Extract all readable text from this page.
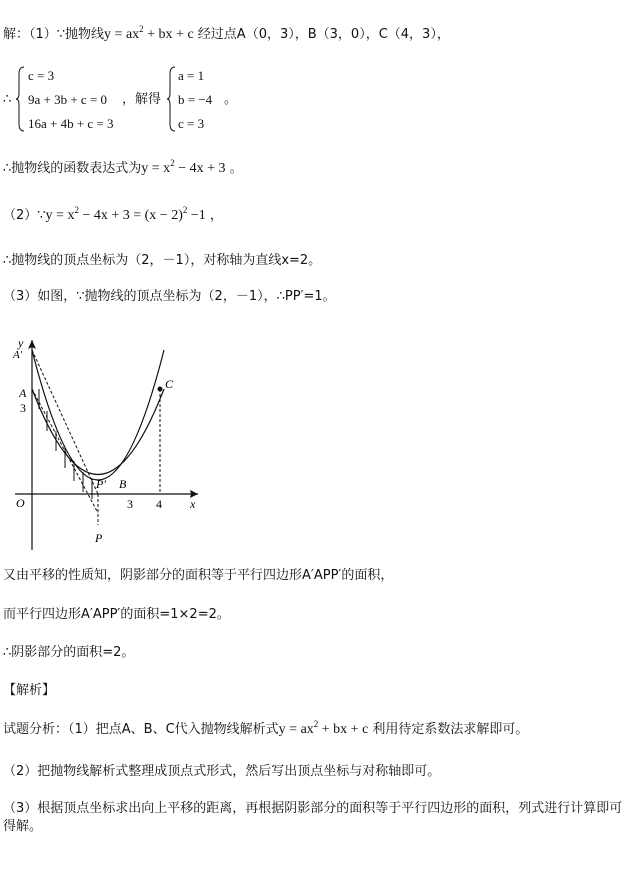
解：（1）∵抛物线$y = ax^2$ + bx + c 经过点A（0，3），B（3，0），C（4，3），
∴
c = 3
9a + 3b + c = 0
16a + 4b + c = 3
，解得
a = 1
b = −4
c = 3
。
∴抛物线的函数表达式为$y = x^2 - 4x + 3$ 。
（2）∵y = $x^2 - 4x + 3 = (x - 2)^2 -1$ ，
∴抛物线的顶点坐标为（2，－1），对称轴为直线x=2。
（3）如图，∵抛物线的顶点坐标为（2，－1），∴PP′=1。
y
x
O
A′
A
3
P
P′ B
C
3 4
又由平移的性质知，阴影部分的面积等于平行四边形A′APP′的面积，
而平行四边形A′APP′的面积=1×2=2。
∴阴影部分的面积=2。
【解析】
试题分析：（1）把点A、B、C代入抛物线解析式$y = ax^2$ + bx + c 利用待定系数法求解即可。
（2）把抛物线解析式整理成顶点式形式，然后写出顶点坐标与对称轴即可。
（3）根据顶点坐标求出向上平移的距离，再根据阴影部分的面积等于平行四边形的面积，列式进行计算即可得解。
